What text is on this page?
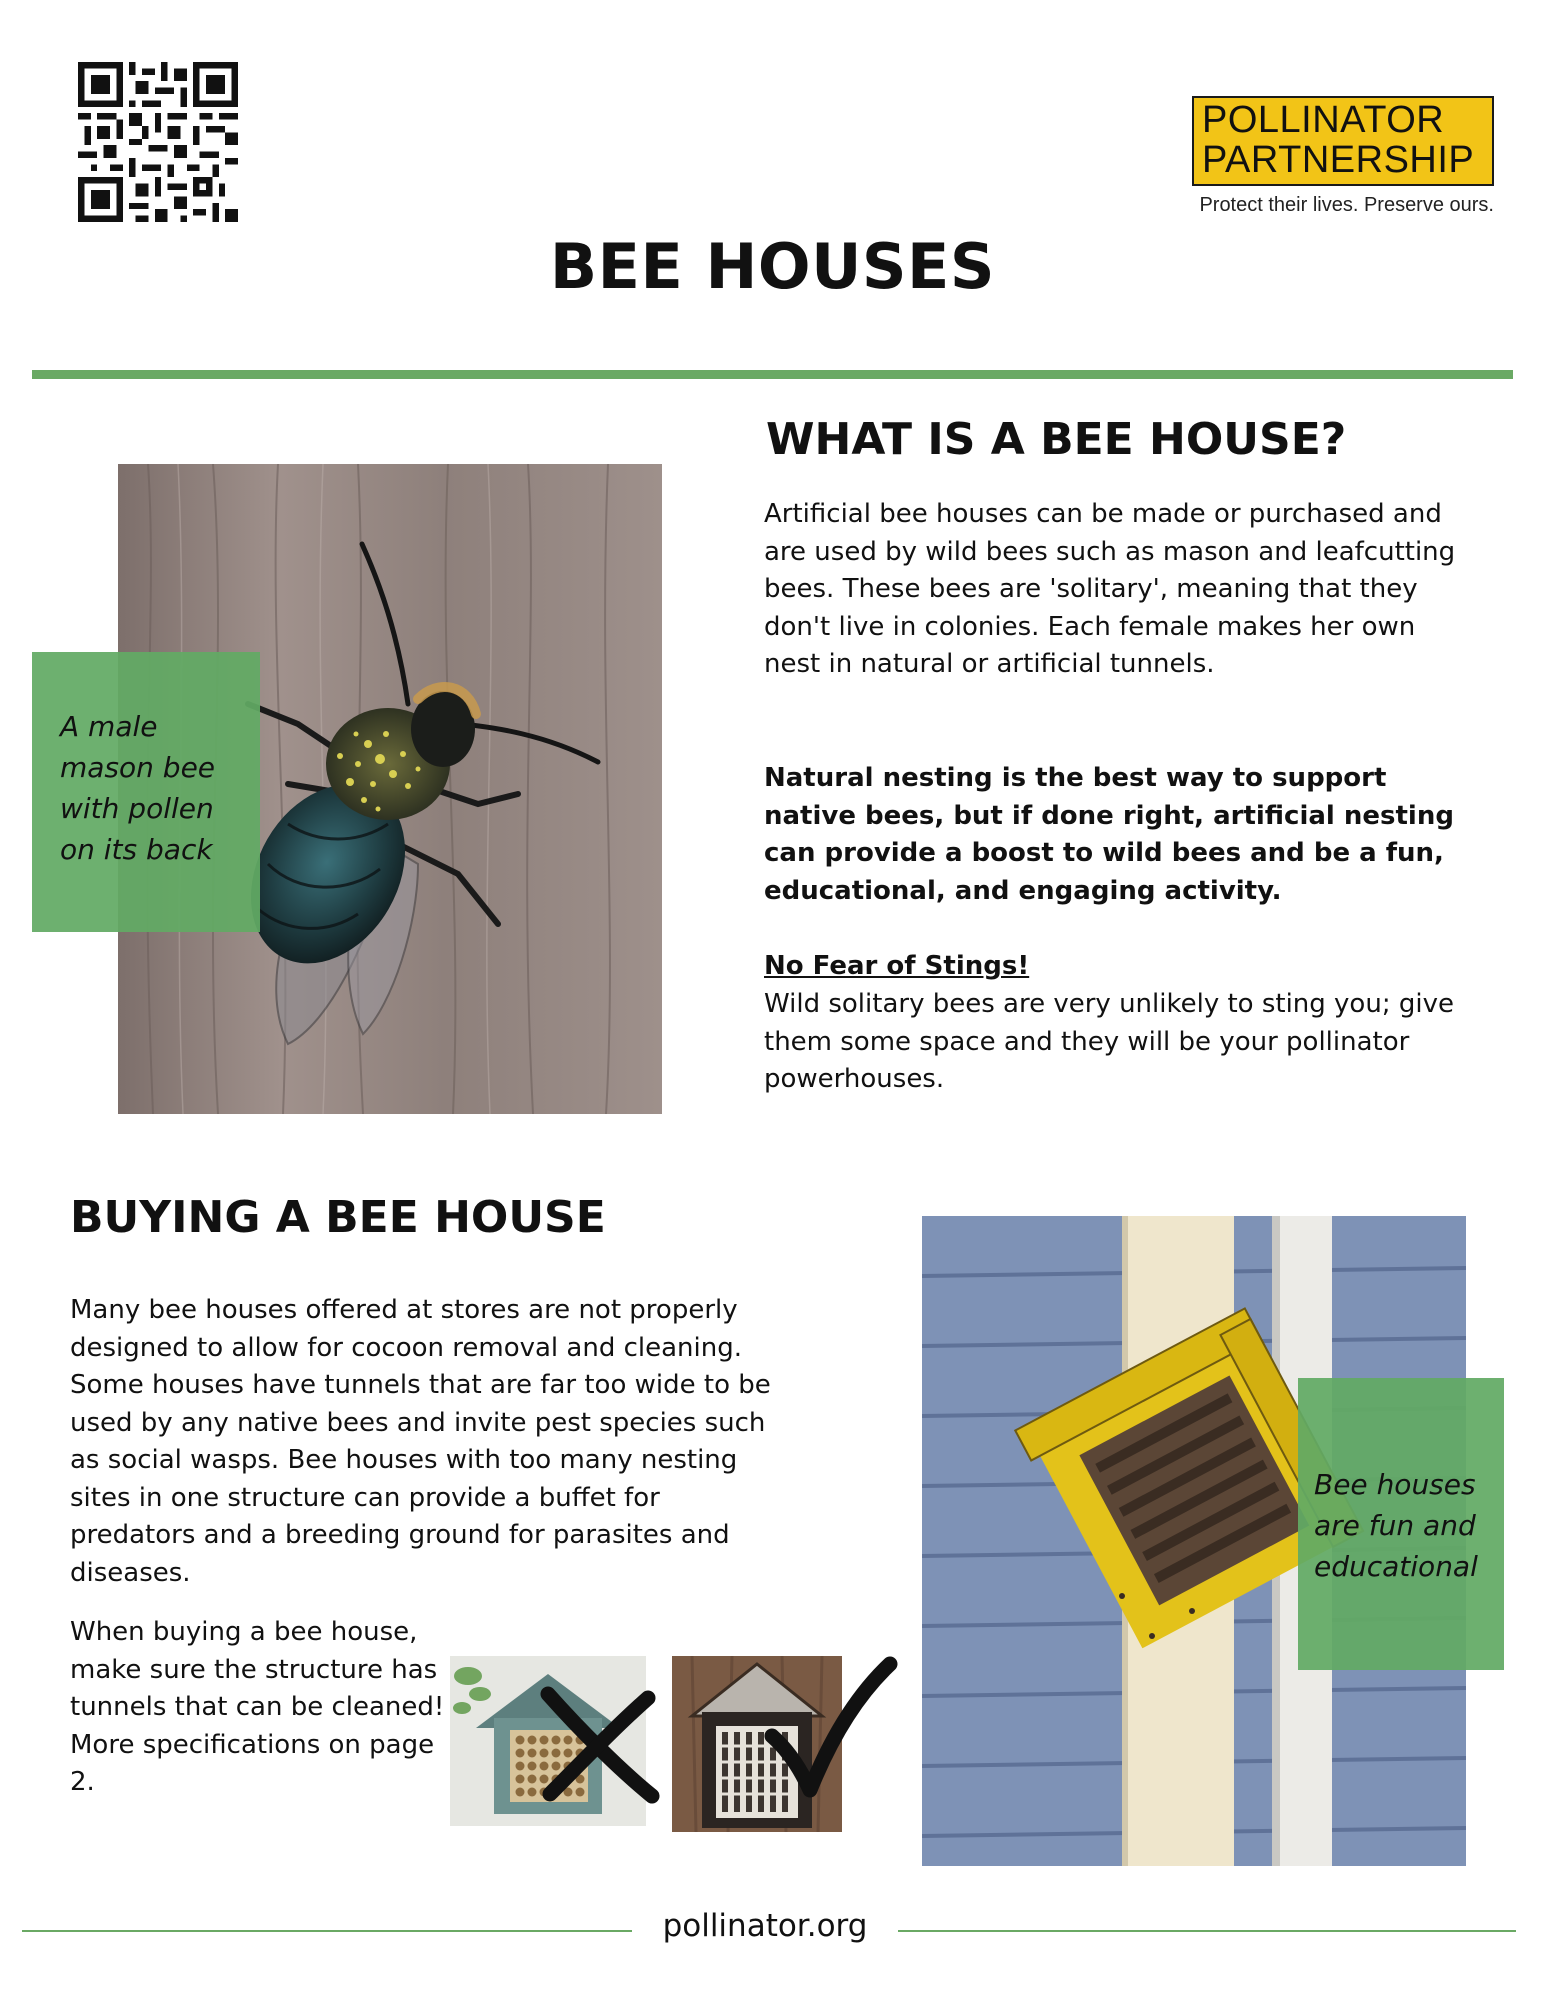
POLLINATOR
PARTNERSHIP
Protect their lives. Preserve ours.
BEE HOUSES
A male mason bee with pollen on its back
WHAT IS A BEE HOUSE?
Artificial bee houses can be made or purchased and are used by wild bees such as mason and leafcutting bees. These bees are 'solitary', meaning that they don't live in colonies. Each female makes her own nest in natural or artificial tunnels.
Natural nesting is the best way to support native bees, but if done right, artificial nesting can provide a boost to wild bees and be a fun, educational, and engaging activity.
No Fear of Stings!
Wild solitary bees are very unlikely to sting you; give them some space and they will be your pollinator powerhouses.
BUYING A BEE HOUSE
Many bee houses offered at stores are not properly designed to allow for cocoon removal and cleaning. Some houses have tunnels that are far too wide to be used by any native bees and invite pest species such as social wasps. Bee houses with too many nesting sites in one structure can provide a buffet for predators and a breeding ground for parasites and diseases.
When buying a bee house, make sure the structure has tunnels that can be cleaned! More specifications on page 2.
Bee houses are fun and educational
pollinator.org
